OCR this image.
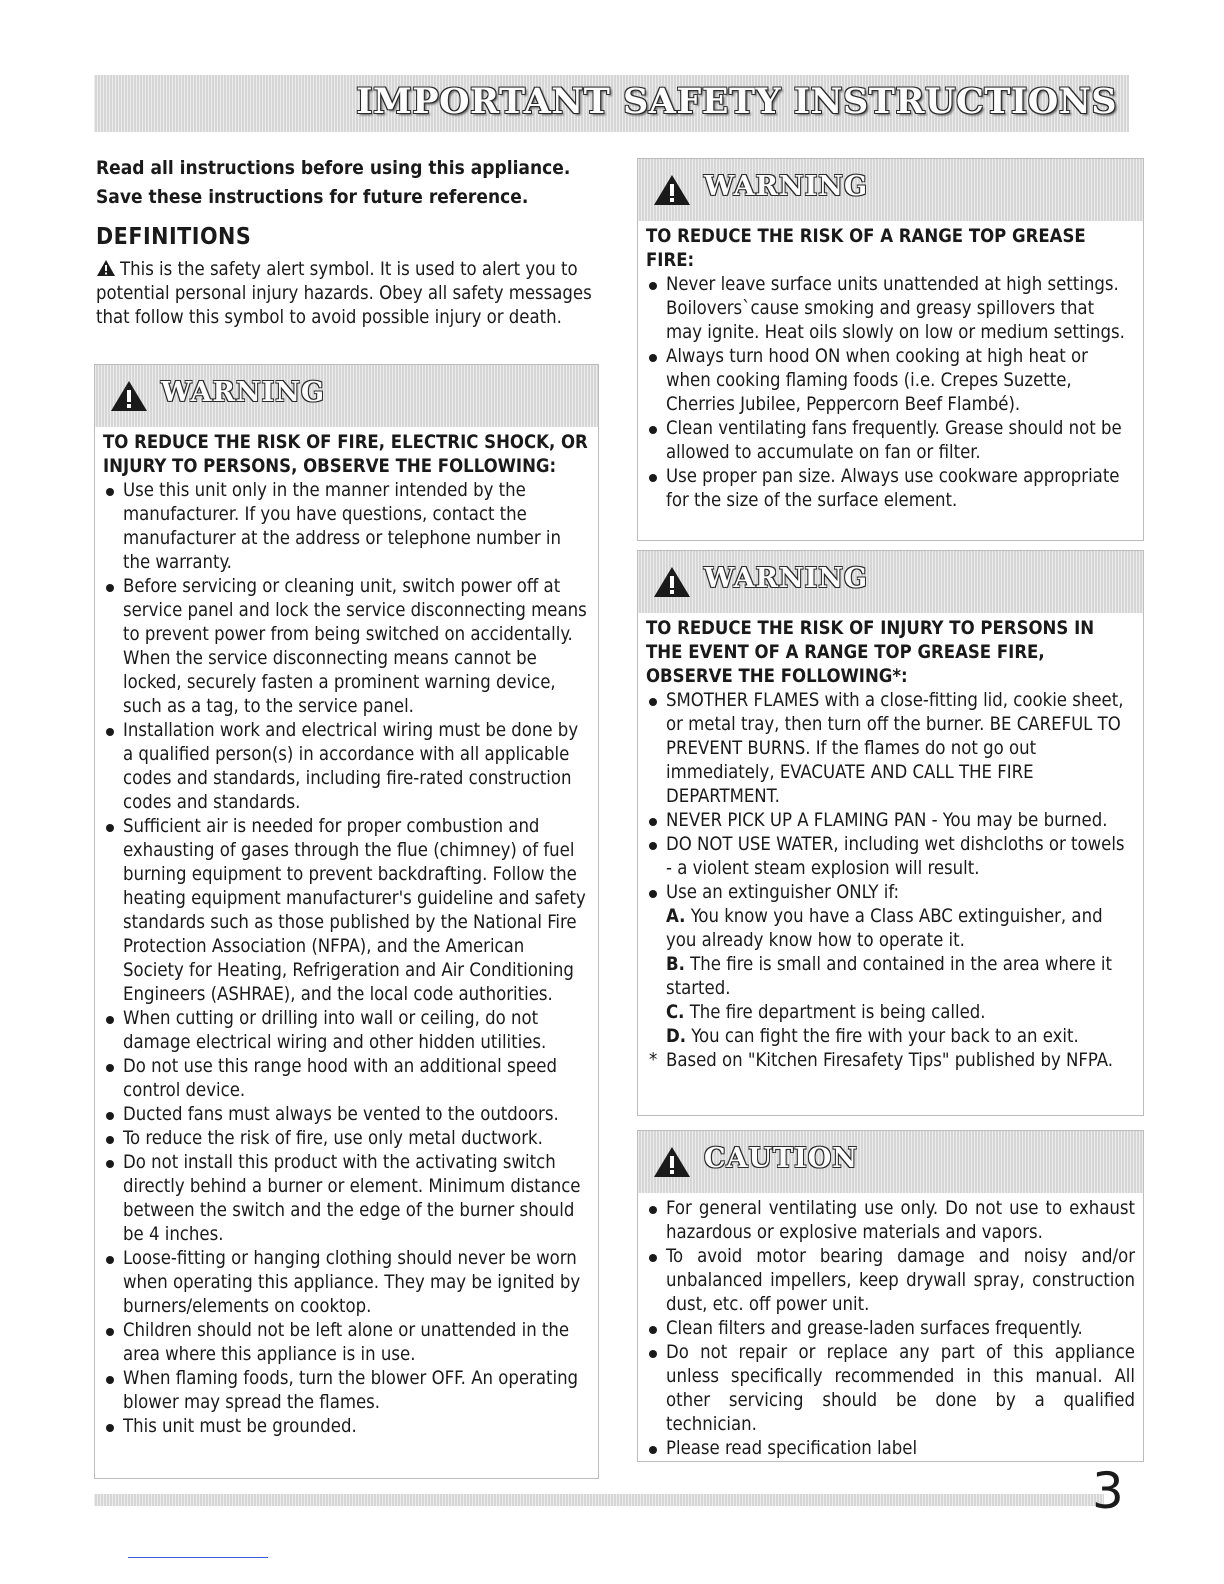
IMPORTANT SAFETY INSTRUCTIONS
Read all instructions before using this appliance.
Save these instructions for future reference.
DEFINITIONS
This is the safety alert symbol. It is used to alert you to potential personal injury hazards. Obey all safety messages that follow this symbol to avoid possible injury or death.
WARNING
TO REDUCE THE RISK OF FIRE, ELECTRIC SHOCK, OR INJURY TO PERSONS, OBSERVE THE FOLLOWING:
Use this unit only in the manner intended by the manufacturer. If you have questions, contact the manufacturer at the address or telephone number in the warranty.
Before servicing or cleaning unit, switch power off at service panel and lock the service disconnecting means to prevent power from being switched on accidentally. When the service disconnecting means cannot be locked, securely fasten a prominent warning device, such as a tag, to the service panel.
Installation work and electrical wiring must be done by a qualified person(s) in accordance with all applicable codes and standards, including fire-rated construction codes and standards.
Sufficient air is needed for proper combustion and exhausting of gases through the flue (chimney) of fuel burning equipment to prevent backdrafting. Follow the heating equipment manufacturer's guideline and safety standards such as those published by the National Fire Protection Association (NFPA), and the American Society for Heating, Refrigeration and Air Conditioning Engineers (ASHRAE), and the local code authorities.
When cutting or drilling into wall or ceiling, do not damage electrical wiring and other hidden utilities.
Do not use this range hood with an additional speed control device.
Ducted fans must always be vented to the outdoors.
To reduce the risk of fire, use only metal ductwork.
Do not install this product with the activating switch directly behind a burner or element. Minimum distance between the switch and the edge of the burner should be 4 inches.
Loose-fitting or hanging clothing should never be worn when operating this appliance. They may be ignited by burners/elements on cooktop.
Children should not be left alone or unattended in the area where this appliance is in use.
When flaming foods, turn the blower OFF. An operating blower may spread the flames.
This unit must be grounded.
WARNING
TO REDUCE THE RISK OF A RANGE TOP GREASE FIRE:
Never leave surface units unattended at high settings. Boilovers`cause smoking and greasy spillovers that may ignite. Heat oils slowly on low or medium settings.
Always turn hood ON when cooking at high heat or when cooking flaming foods (i.e. Crepes Suzette, Cherries Jubilee, Peppercorn Beef Flambé).
Clean ventilating fans frequently. Grease should not be allowed to accumulate on fan or filter.
Use proper pan size. Always use cookware appropriate for the size of the surface element.
WARNING
TO REDUCE THE RISK OF INJURY TO PERSONS IN THE EVENT OF A RANGE TOP GREASE FIRE, OBSERVE THE FOLLOWING*:
SMOTHER FLAMES with a close-fitting lid, cookie sheet, or metal tray, then turn off the burner. BE CAREFUL TO PREVENT BURNS. If the flames do not go out immediately, EVACUATE AND CALL THE FIRE DEPARTMENT.
NEVER PICK UP A FLAMING PAN - You may be burned.
DO NOT USE WATER, including wet dishcloths or towels - a violent steam explosion will result.
Use an extinguisher ONLY if:
A. You know you have a Class ABC extinguisher, and you already know how to operate it.
B. The fire is small and contained in the area where it started.
C. The fire department is being called.
D. You can fight the fire with your back to an exit.
* Based on "Kitchen Firesafety Tips" published by NFPA.
CAUTION
For general ventilating use only. Do not use to exhaust hazardous or explosive materials and vapors.
To avoid motor bearing damage and noisy and/or unbalanced impellers, keep drywall spray, construction dust, etc. off power unit.
Clean filters and grease-laden surfaces frequently.
Do not repair or replace any part of this appliance unless specifically recommended in this manual. All other servicing should be done by a qualified technician.
Please read specification label
3
